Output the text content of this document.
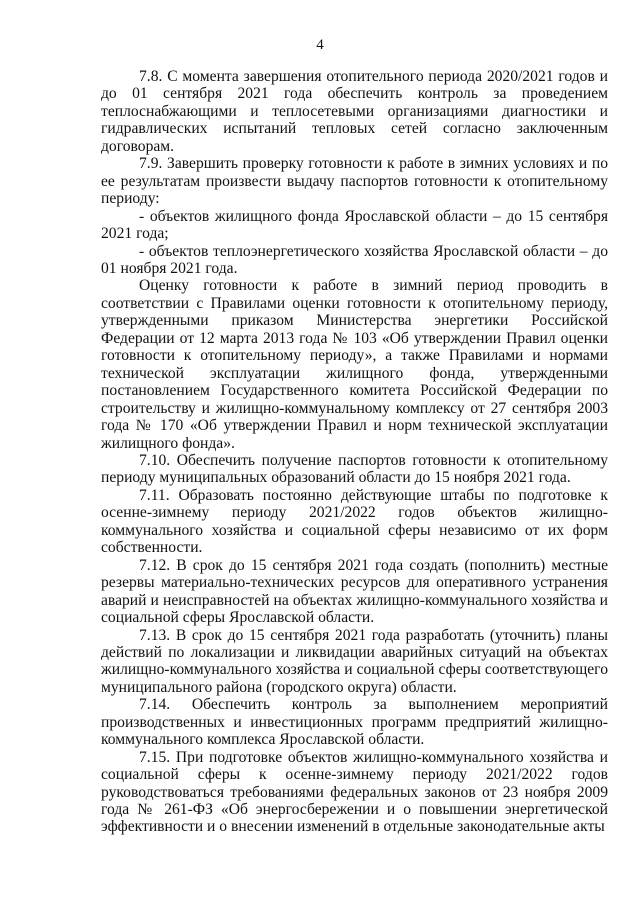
4

7.8. С момента завершения отопительного периода 2020/2021 годов и до 01 сентября 2021 года обеспечить контроль за проведением теплоснабжающими и теплосетевыми организациями диагностики и гидравлических испытаний тепловых сетей согласно заключенным договорам.

7.9. Завершить проверку готовности к работе в зимних условиях и по ее результатам произвести выдачу паспортов готовности к отопительному периоду:

- объектов жилищного фонда Ярославской области – до 15 сентября 2021 года;

- объектов теплоэнергетического хозяйства Ярославской области – до 01 ноября 2021 года.

Оценку готовности к работе в зимний период проводить в соответствии с Правилами оценки готовности к отопительному периоду, утвержденными приказом Министерства энергетики Российской Федерации от 12 марта 2013 года № 103 «Об утверждении Правил оценки готовности к отопительному периоду», а также Правилами и нормами технической эксплуатации жилищного фонда, утвержденными постановлением Государственного комитета Российской Федерации по строительству и жилищно-коммунальному комплексу от 27 сентября 2003 года № 170 «Об утверждении Правил и норм технической эксплуатации жилищного фонда».

7.10. Обеспечить получение паспортов готовности к отопительному периоду муниципальных образований области до 15 ноября 2021 года.

7.11. Образовать постоянно действующие штабы по подготовке к осенне-зимнему периоду 2021/2022 годов объектов жилищно-коммунального хозяйства и социальной сферы независимо от их форм собственности.

7.12. В срок до 15 сентября 2021 года создать (пополнить) местные резервы материально-технических ресурсов для оперативного устранения аварий и неисправностей на объектах жилищно-коммунального хозяйства и социальной сферы Ярославской области.

7.13. В срок до 15 сентября 2021 года разработать (уточнить) планы действий по локализации и ликвидации аварийных ситуаций на объектах жилищно-коммунального хозяйства и социальной сферы соответствующего муниципального района (городского округа) области.

7.14. Обеспечить контроль за выполнением мероприятий производственных и инвестиционных программ предприятий жилищно-коммунального комплекса Ярославской области.

7.15. При подготовке объектов жилищно-коммунального хозяйства и социальной сферы к осенне-зимнему периоду 2021/2022 годов руководствоваться требованиями федеральных законов от 23 ноября 2009 года № 261-ФЗ «Об энергосбережении и о повышении энергетической эффективности и о внесении изменений в отдельные законодательные акты
